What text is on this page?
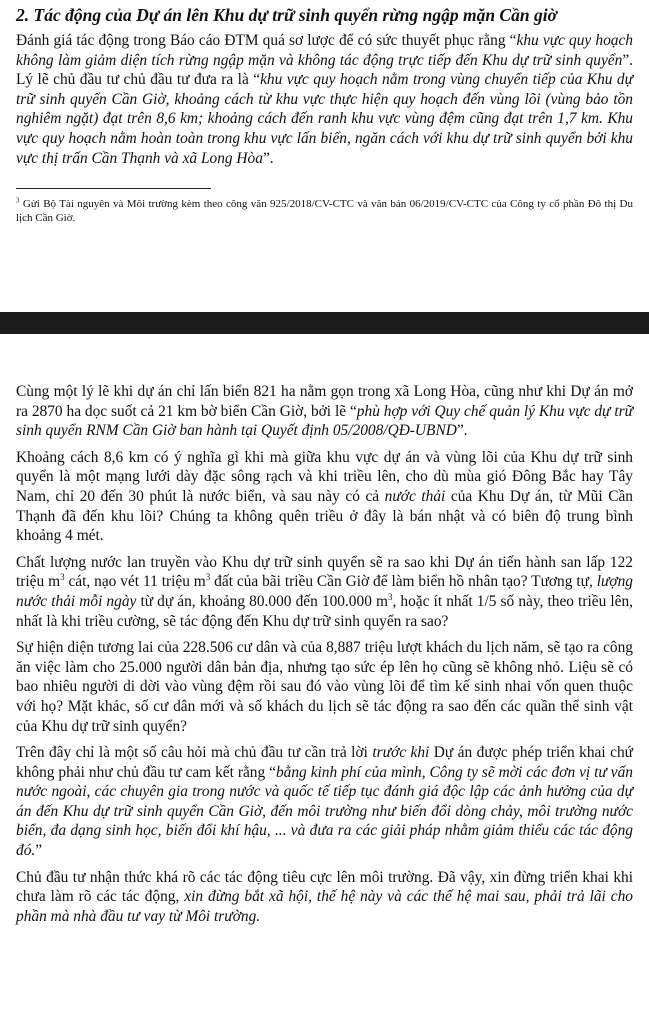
2. Tác động của Dự án lên Khu dự trữ sinh quyển rừng ngập mặn Cần giờ

Đánh giá tác động trong Báo cáo ĐTM quá sơ lược để có sức thuyết phục rằng “khu vực quy hoạch không làm giảm diện tích rừng ngập mặn và không tác động trực tiếp đến Khu dự trữ sinh quyển”. Lý lẽ chủ đầu tư chủ đầu tư đưa ra là “khu vực quy hoạch nằm trong vùng chuyển tiếp của Khu dự trữ sinh quyển Cần Giờ, khoảng cách từ khu vực thực hiện quy hoạch đến vùng lõi (vùng bảo tồn nghiêm ngặt) đạt trên 8,6 km; khoảng cách đến ranh khu vực vùng đệm cũng đạt trên 1,7 km. Khu vực quy hoạch nằm hoàn toàn trong khu vực lấn biển, ngăn cách với khu dự trữ sinh quyển bởi khu vực thị trấn Cần Thạnh và xã Long Hòa”.

$^3$ Gửi Bộ Tài nguyên và Môi trường kèm theo công văn 925/2018/CV-CTC và văn bản 06/2019/CV-CTC của Công ty cổ phần Đô thị Du lịch Cần Giờ.

Cùng một lý lẽ khi dự án chỉ lấn biển 821 ha nằm gọn trong xã Long Hòa, cũng như khi Dự án mở ra 2870 ha dọc suốt cả 21 km bờ biển Cần Giờ, bởi lẽ “phù hợp với Quy chế quản lý Khu vực dự trữ sinh quyển RNM Cần Giờ ban hành tại Quyết định 05/2008/QĐ-UBND”.

Khoảng cách 8,6 km có ý nghĩa gì khi mà giữa khu vực dự án và vùng lõi của Khu dự trữ sinh quyển là một mạng lưới dày đặc sông rạch và khi triều lên, cho dù mùa gió Đông Bắc hay Tây Nam, chỉ 20 đến 30 phút là nước biển, và sau này có cả nước thải của Khu Dự án, từ Mũi Cần Thạnh đã đến khu lõi? Chúng ta không quên triều ở đây là bán nhật và có biên độ trung bình khoảng 4 mét.

Chất lượng nước lan truyền vào Khu dự trữ sinh quyển sẽ ra sao khi Dự án tiến hành san lấp 122 triệu $m^3$ cát, nạo vét 11 triệu $m^3$ đất của bãi triều Cần Giờ để làm biển hồ nhân tạo? Tương tự, lượng nước thải mỗi ngày từ dự án, khoảng 80.000 đến 100.000 $m^3$, hoặc ít nhất 1/5 số này, theo triều lên, nhất là khi triều cường, sẽ tác động đến Khu dự trữ sinh quyển ra sao?

Sự hiện diện tương lai của 228.506 cư dân và của 8,887 triệu lượt khách du lịch năm, sẽ tạo ra công ăn việc làm cho 25.000 người dân bản địa, nhưng tạo sức ép lên họ cũng sẽ không nhỏ. Liệu sẽ có bao nhiêu người di dời vào vùng đệm rồi sau đó vào vùng lõi để tìm kế sinh nhai vốn quen thuộc với họ? Mặt khác, số cư dân mới và số khách du lịch sẽ tác động ra sao đến các quần thể sinh vật của Khu dự trữ sinh quyển?

Trên đây chỉ là một số câu hỏi mà chủ đầu tư cần trả lời trước khi Dự án được phép triển khai chứ không phải như chủ đầu tư cam kết rằng “bằng kinh phí của mình, Công ty sẽ mời các đơn vị tư vấn nước ngoài, các chuyên gia trong nước và quốc tế tiếp tục đánh giá độc lập các ảnh hưởng của dự án đến Khu dự trữ sinh quyển Cần Giờ, đến môi trường như biến đổi dòng chảy, môi trường nước biển, đa dạng sinh học, biến đổi khí hậu, ... và đưa ra các giải pháp nhằm giảm thiểu các tác động đó.”

Chủ đầu tư nhận thức khá rõ các tác động tiêu cực lên môi trường. Đã vậy, xin đừng triển khai khi chưa làm rõ các tác động, xin đừng bắt xã hội, thế hệ này và các thế hệ mai sau, phải trả lãi cho phần mà nhà đầu tư vay từ Môi trường.
